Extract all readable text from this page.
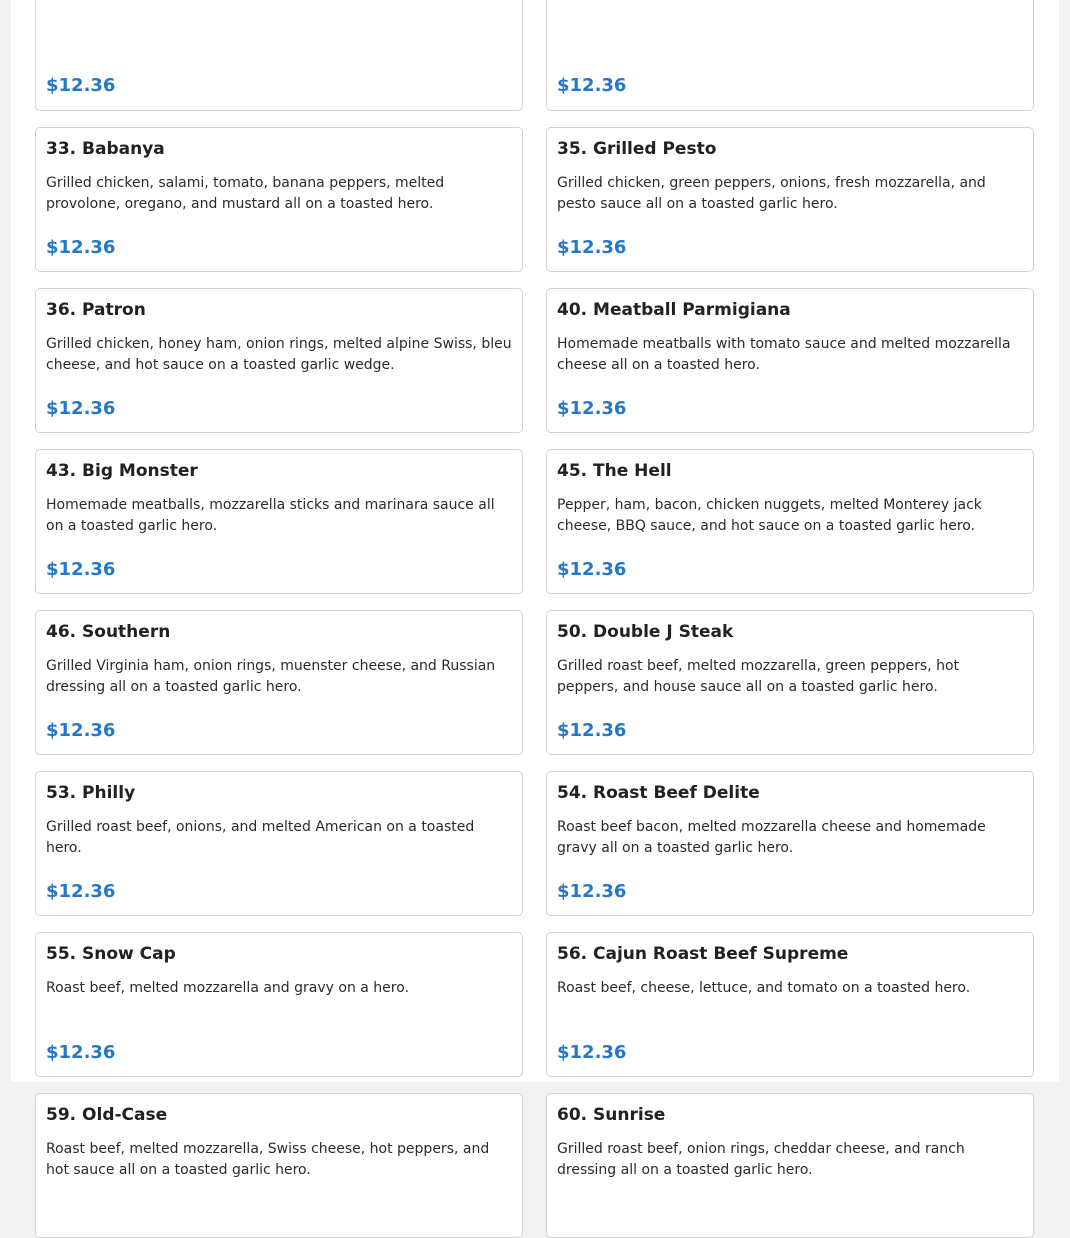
$12.36	$12.36
33. Babanya

Grilled chicken, salami, tomato, banana peppers, melted provolone, oregano, and mustard all on a toasted hero.

$12.36
35. Grilled Pesto

Grilled chicken, green peppers, onions, fresh mozzarella, and pesto sauce all on a toasted garlic hero.

$12.36
36. Patron

Grilled chicken, honey ham, onion rings, melted alpine Swiss, bleu cheese, and hot sauce on a toasted garlic wedge.

$12.36
40. Meatball Parmigiana

Homemade meatballs with tomato sauce and melted mozzarella cheese all on a toasted hero.

$12.36
43. Big Monster

Homemade meatballs, mozzarella sticks and marinara sauce all on a toasted garlic hero.

$12.36
45. The Hell

Pepper, ham, bacon, chicken nuggets, melted Monterey jack cheese, BBQ sauce, and hot sauce on a toasted garlic hero.

$12.36
46. Southern

Grilled Virginia ham, onion rings, muenster cheese, and Russian dressing all on a toasted garlic hero.

$12.36
50. Double J Steak

Grilled roast beef, melted mozzarella, green peppers, hot peppers, and house sauce all on a toasted garlic hero.

$12.36
53. Philly

Grilled roast beef, onions, and melted American on a toasted hero.

$12.36
54. Roast Beef Delite

Roast beef bacon, melted mozzarella cheese and homemade gravy all on a toasted garlic hero.

$12.36
55. Snow Cap

Roast beef, melted mozzarella and gravy on a hero.

$12.36
56. Cajun Roast Beef Supreme

Roast beef, cheese, lettuce, and tomato on a toasted hero.

$12.36
59. Old-Case

Roast beef, melted mozzarella, Swiss cheese, hot peppers, and hot sauce all on a toasted garlic hero.

60. Sunrise

Grilled roast beef, onion rings, cheddar cheese, and ranch dressing all on a toasted garlic hero.
